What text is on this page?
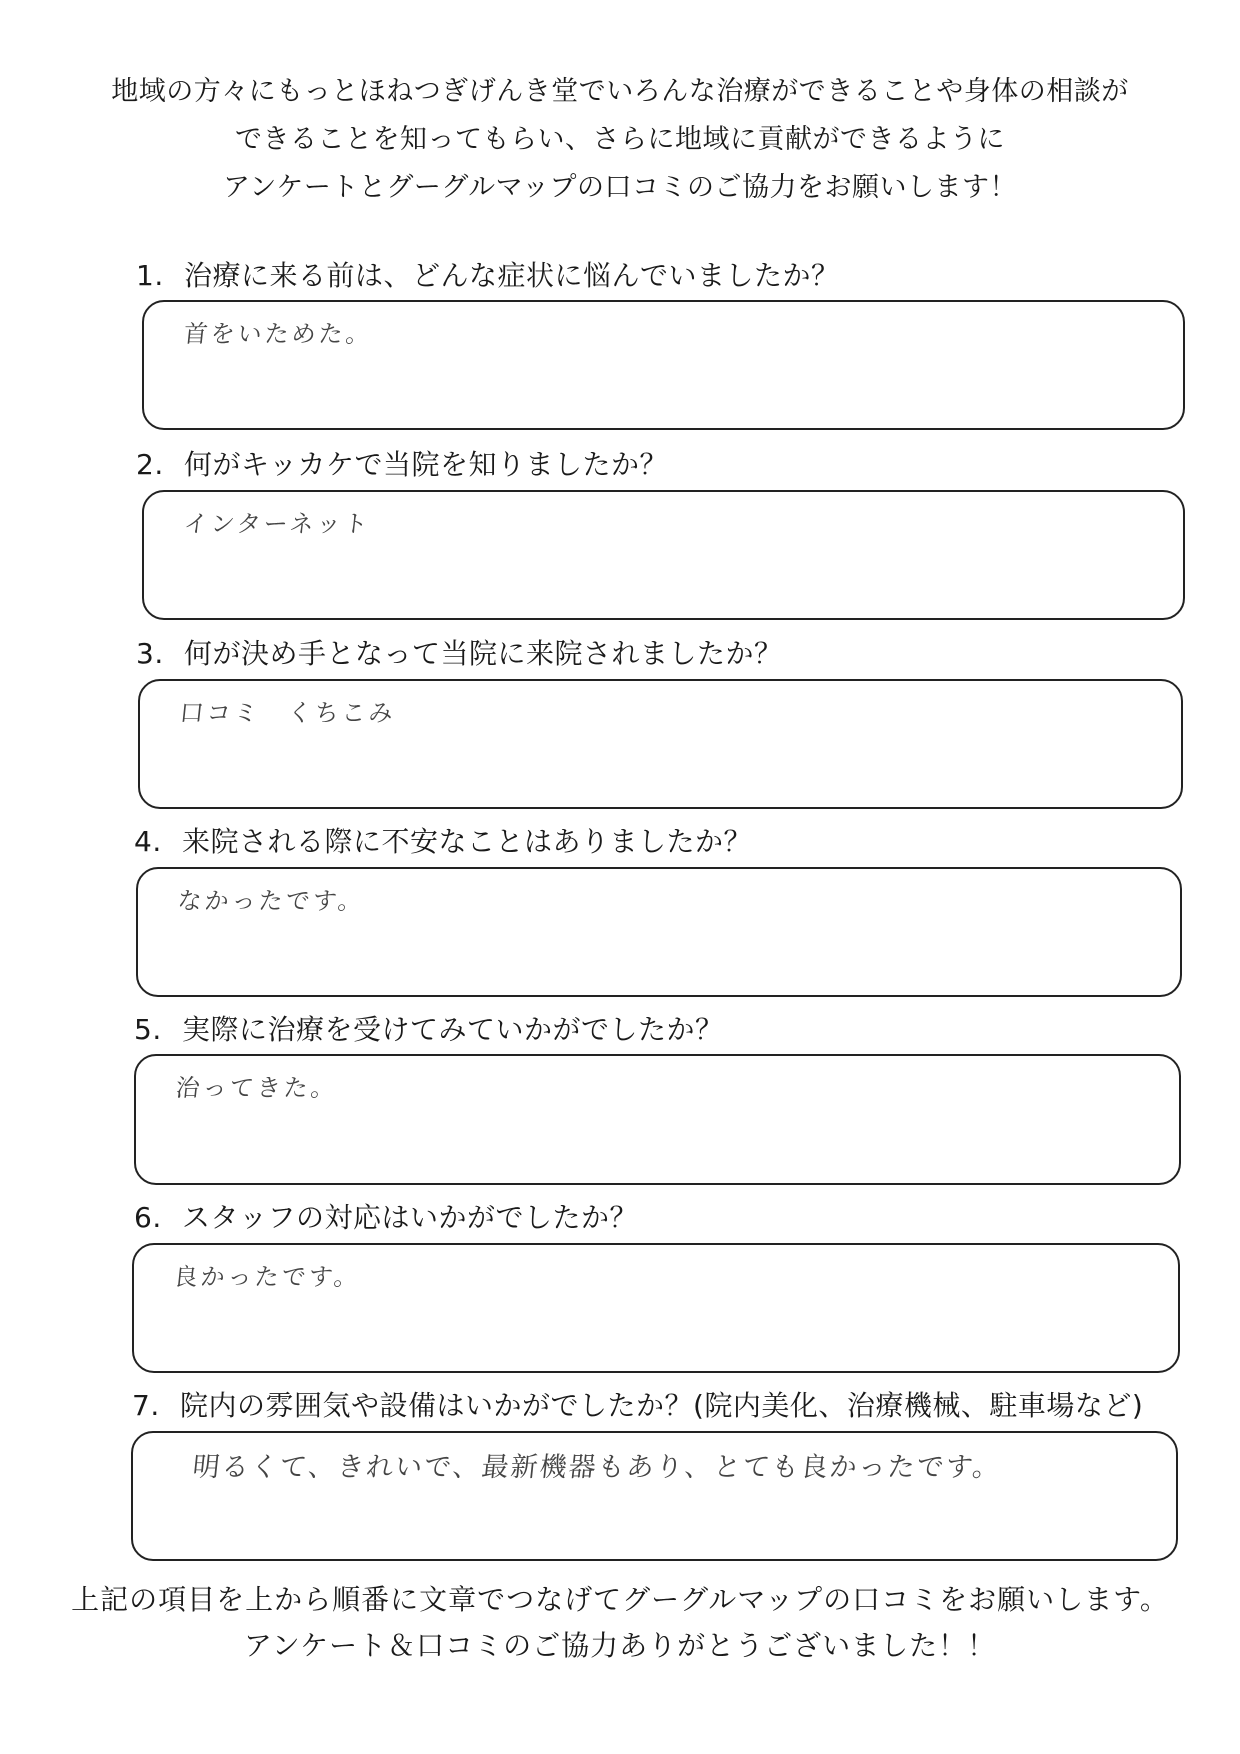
地域の方々にもっとほねつぎげんき堂でいろんな治療ができることや身体の相談が
できることを知ってもらい、さらに地域に貢献ができるように
アンケートとグーグルマップの口コミのご協力をお願いします！
1. 治療に来る前は、どんな症状に悩んでいましたか？
首をいためた。
2. 何がキッカケで当院を知りましたか？
インターネット
3. 何が決め手となって当院に来院されましたか？
口コミ　くちこみ
4. 来院される際に不安なことはありましたか？
なかったです。
5. 実際に治療を受けてみていかがでしたか？
治ってきた。
6. スタッフの対応はいかがでしたか？
良かったです。
7. 院内の雰囲気や設備はいかがでしたか？(院内美化、治療機械、駐車場など)
明るくて、きれいで、最新機器もあり、とても良かったです。
上記の項目を上から順番に文章でつなげてグーグルマップの口コミをお願いします。
アンケート＆口コミのご協力ありがとうございました！！
